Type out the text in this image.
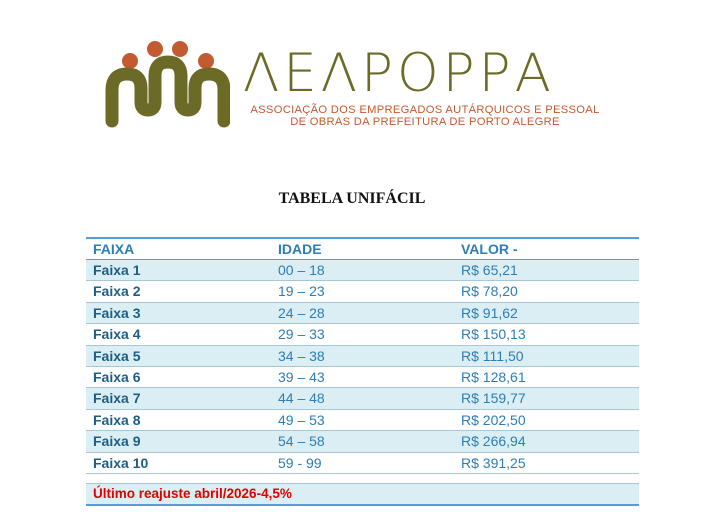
ΛΕΛΡΟΡΡΑ
ASSOCIAÇÃO DOS EMPREGADOS AUTÁRQUICOS E PESSOAL
DE OBRAS DA PREFEITURA DE PORTO ALEGRE
TABELA UNIFÁCIL
FAIXA	IDADE	VALOR -
Faixa 1	00 – 18	R$ 65,21
Faixa 2	19 – 23	R$ 78,20
Faixa 3	24 – 28	R$ 91,62
Faixa 4	29 – 33	R$ 150,13
Faixa 5	34 – 38	R$ 111,50
Faixa 6	39 – 43	R$ 128,61
Faixa 7	44 – 48	R$ 159,77
Faixa 8	49 – 53	R$ 202,50
Faixa 9	54 – 58	R$ 266,94
Faixa 10	59 - 99	R$ 391,25
Último reajuste abril/2026-4,5%
